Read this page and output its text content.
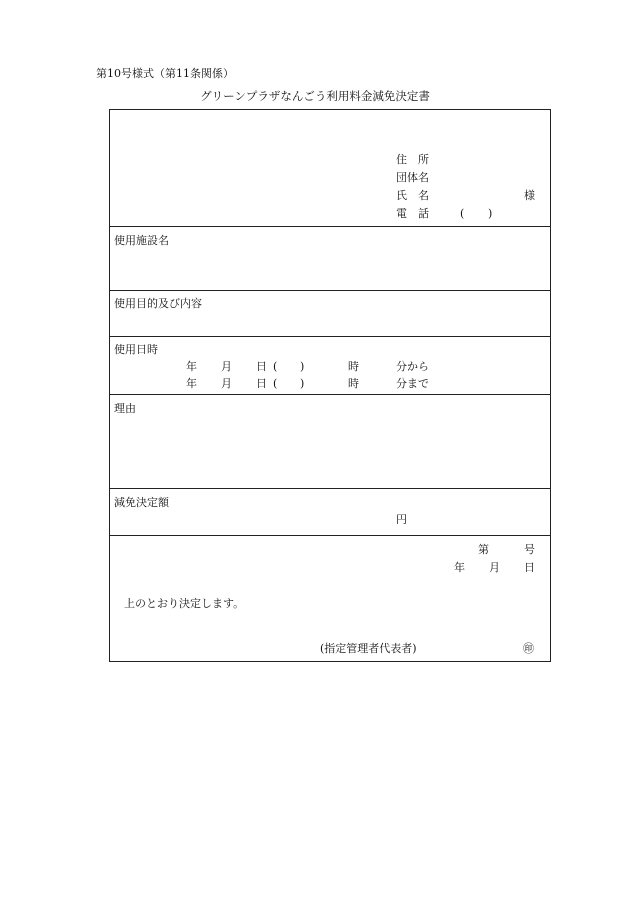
第10号様式（第11条関係）
グリーンプラザなんごう利用料金減免決定書
住　所
団体名
氏　名	様
電　話	( )
使用施設名
使用目的及び内容
使用日時
年 月 日 ( )	時	分から
年 月 日 ( )	時	分まで
理由
減免決定額
円
第	号
年 月 日
上のとおり決定します。
(指定管理者代表者)	㊞
